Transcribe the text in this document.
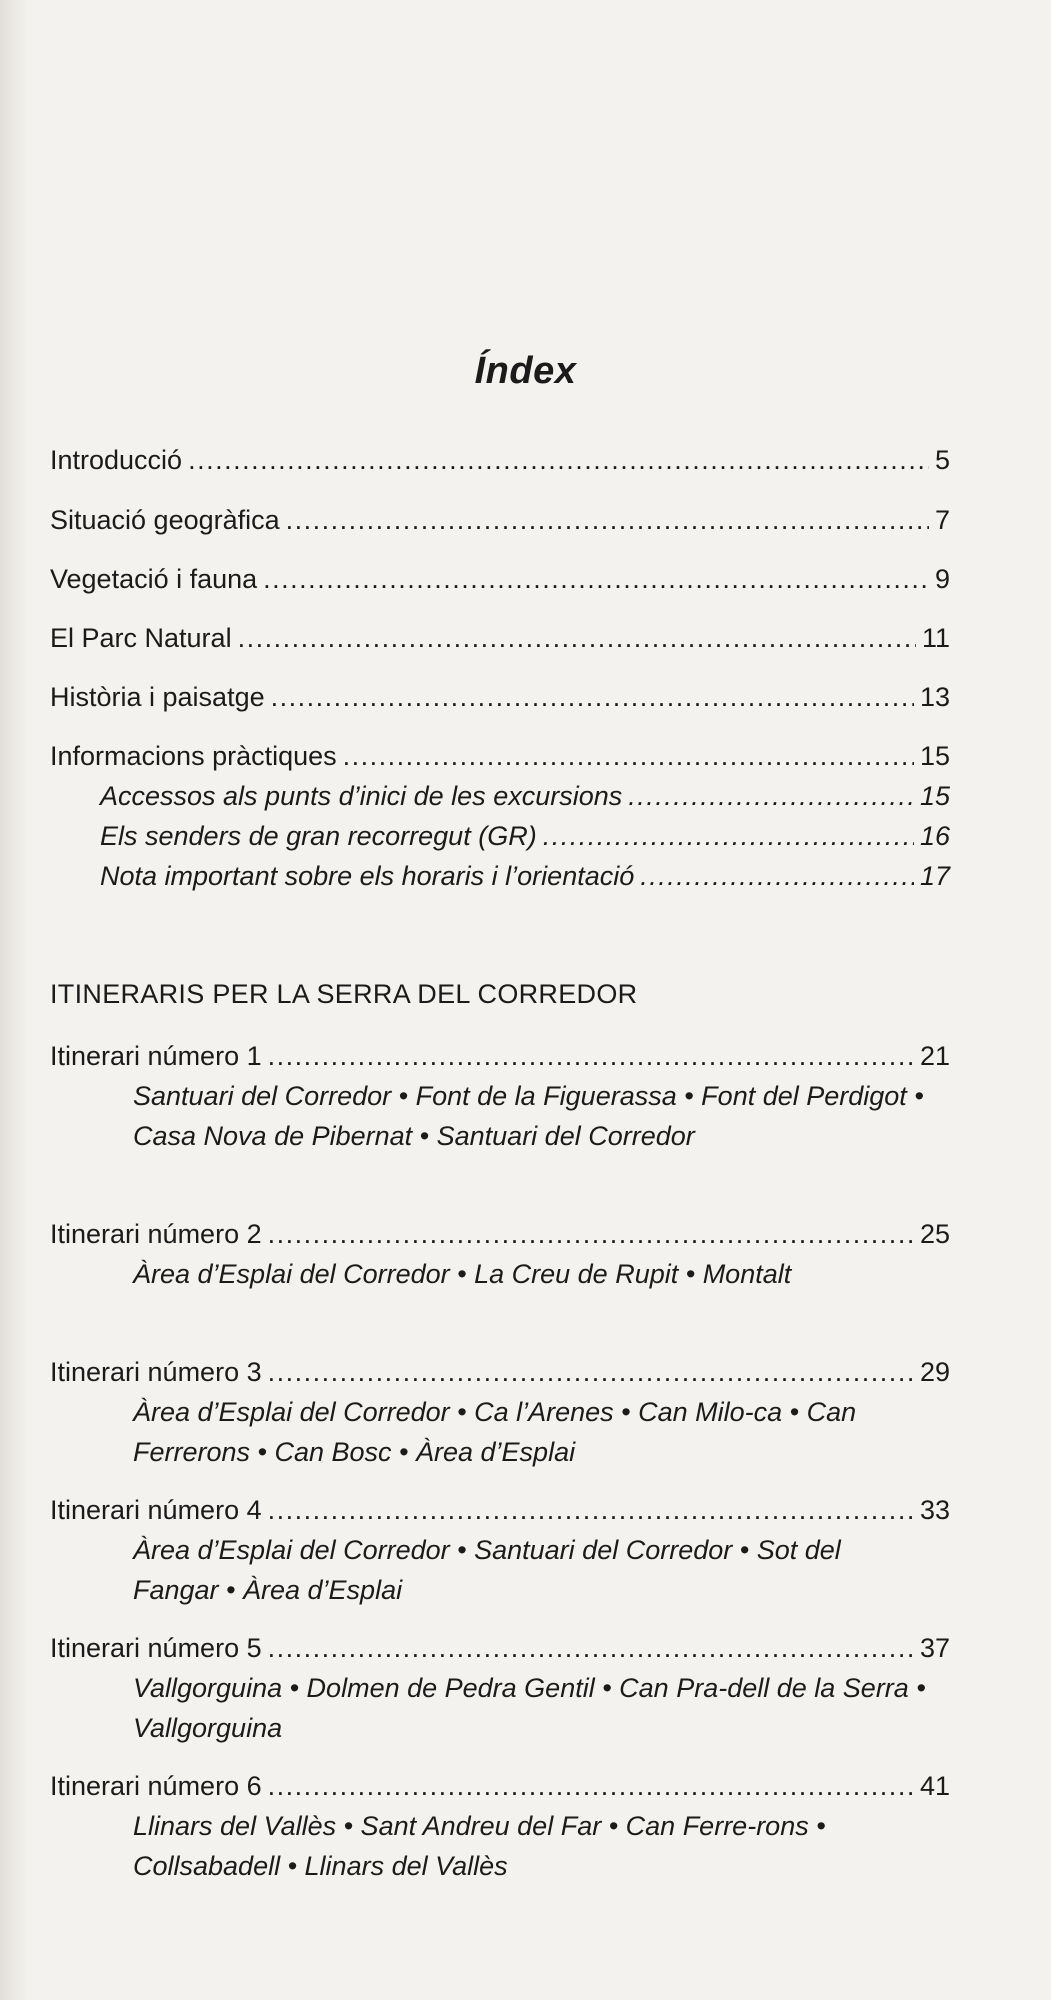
Índex
Introducció . . .	5
Situació geogràfica . . .	7
Vegetació i fauna . . .	9
El Parc Natural . . .	11
Història i paisatge . . .	13
Informacions pràctiques . . .	15
Accessos als punts d’inici de les excursions . . .	15
Els senders de gran recorregut (GR) . . .	16
Nota important sobre els horaris i l’orientació . . .	17
ITINERARIS PER LA SERRA DEL CORREDOR
Itinerari número 1 . . .	21
Santuari del Corredor • Font de la Figuerassa • Font del Perdigot • Casa Nova de Pibernat • Santuari del Corredor
Itinerari número 2 . . .	25
Àrea d’Esplai del Corredor • La Creu de Rupit • Montalt
Itinerari número 3 . . .	29
Àrea d’Esplai del Corredor • Ca l’Arenes • Can Milo-ca • Can Ferrerons • Can Bosc • Àrea d’Esplai
Itinerari número 4 . . .	33
Àrea d’Esplai del Corredor • Santuari del Corredor • Sot del Fangar • Àrea d’Esplai
Itinerari número 5 . . .	37
Vallgorguina • Dolmen de Pedra Gentil • Can Pra-dell de la Serra • Vallgorguina
Itinerari número 6 . . .	41
Llinars del Vallès • Sant Andreu del Far • Can Ferre-rons • Collsabadell • Llinars del Vallès
